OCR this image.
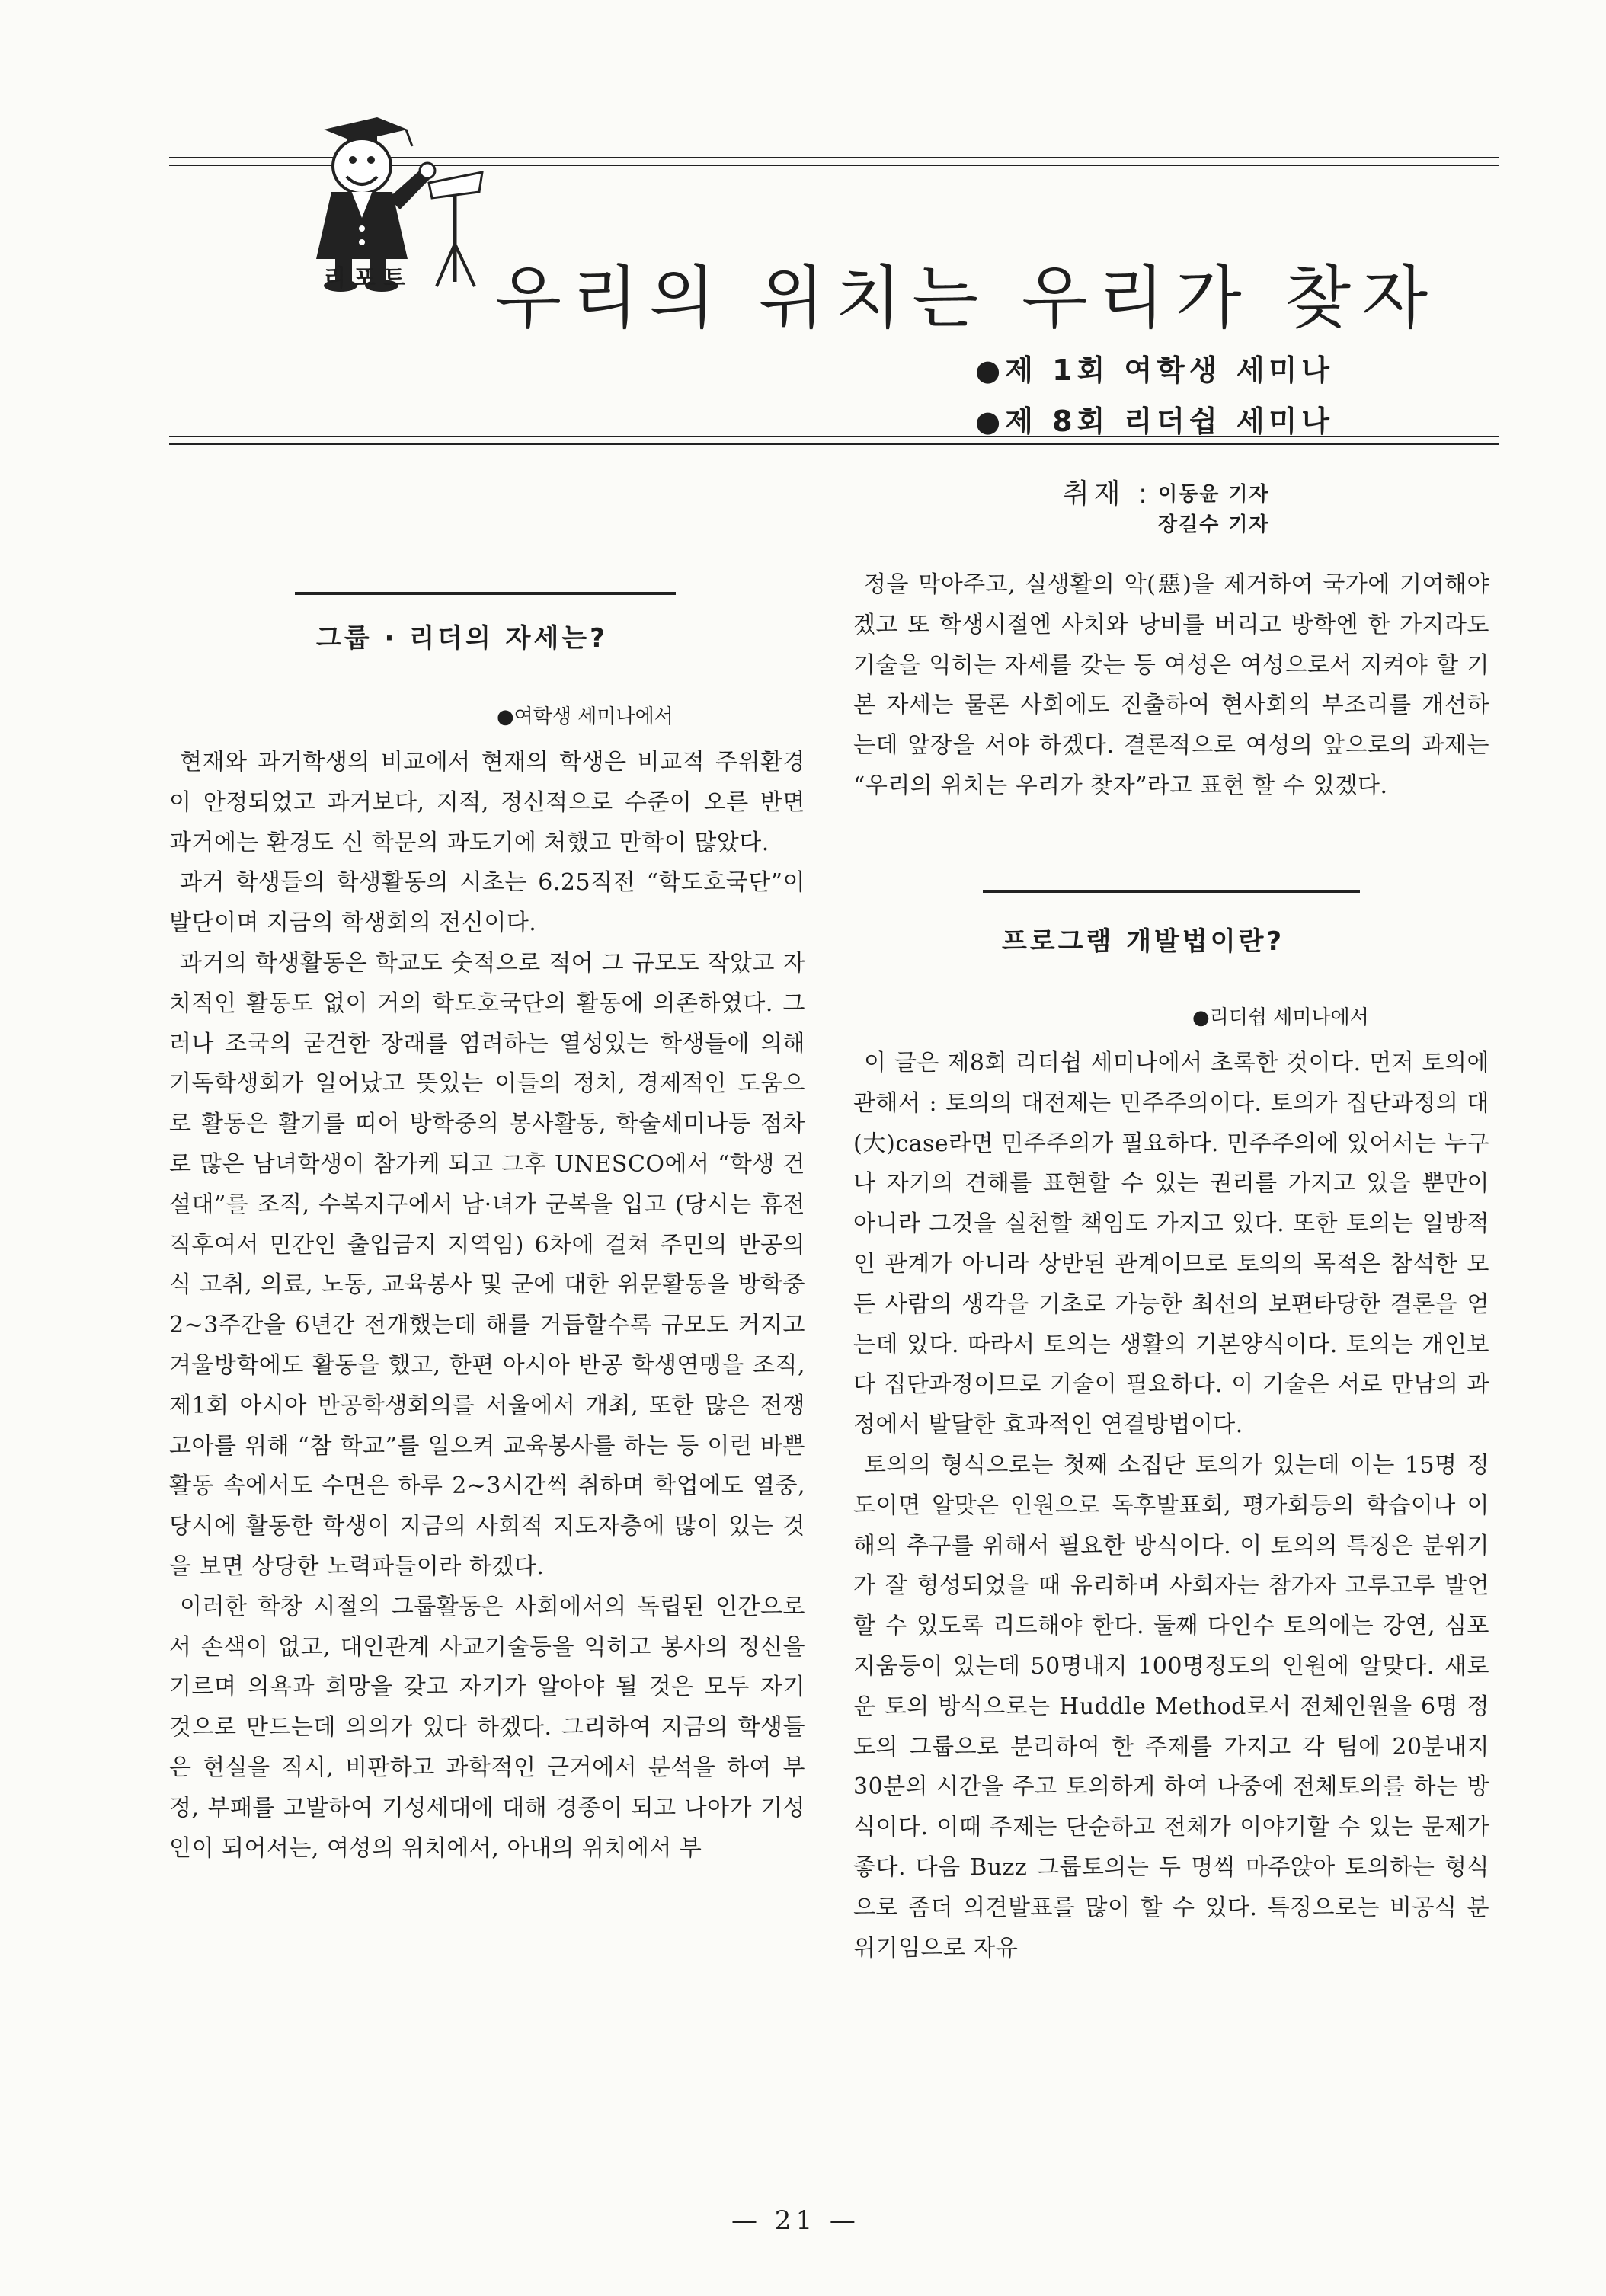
리포트 우리의 위치는 우리가 찾자
●제 1회 여학생 세미나
●제 8회 리더쉽 세미나
취재 : 이동윤 기자
장길수 기자
그룹 · 리더의 자세는?
●여학생 세미나에서

현재와 과거학생의 비교에서 현재의 학생은 비교적 주위환경이 안정되었고 과거보다, 지적, 정신적으로 수준이 오른 반면 과거에는 환경도 신 학문의 과도기에 처했고 만학이 많았다.

과거 학생들의 학생활동의 시초는 6.25직전 “학도호국단”이 발단이며 지금의 학생회의 전신이다.

과거의 학생활동은 학교도 숫적으로 적어 그 규모도 작았고 자치적인 활동도 없이 거의 학도호국단의 활동에 의존하였다. 그러나 조국의 굳건한 장래를 염려하는 열성있는 학생들에 의해 기독학생회가 일어났고 뜻있는 이들의 정치, 경제적인 도움으로 활동은 활기를 띠어 방학중의 봉사활동, 학술세미나등 점차로 많은 남녀학생이 참가케 되고 그후 UNESCO에서 “학생 건설대”를 조직, 수복지구에서 남·녀가 군복을 입고 (당시는 휴전직후여서 민간인 출입금지 지역임) 6차에 걸쳐 주민의 반공의식 고취, 의료, 노동, 교육봉사 및 군에 대한 위문활동을 방학중 2~3주간을 6년간 전개했는데 해를 거듭할수록 규모도 커지고 겨울방학에도 활동을 했고, 한편 아시아 반공 학생연맹을 조직, 제1회 아시아 반공학생회의를 서울에서 개최, 또한 많은 전쟁고아를 위해 “참 학교”를 일으켜 교육봉사를 하는 등 이런 바쁜 활동 속에서도 수면은 하루 2~3시간씩 취하며 학업에도 열중, 당시에 활동한 학생이 지금의 사회적 지도자층에 많이 있는 것을 보면 상당한 노력파들이라 하겠다.

이러한 학창 시절의 그룹활동은 사회에서의 독립된 인간으로서 손색이 없고, 대인관계 사교기술등을 익히고 봉사의 정신을 기르며 의욕과 희망을 갖고 자기가 알아야 될 것은 모두 자기 것으로 만드는데 의의가 있다 하겠다. 그리하여 지금의 학생들은 현실을 직시, 비판하고 과학적인 근거에서 분석을 하여 부정, 부패를 고발하여 기성세대에 대해 경종이 되고 나아가 기성인이 되어서는, 여성의 위치에서, 아내의 위치에서 부

정을 막아주고, 실생활의 악(惡)을 제거하여 국가에 기여해야겠고 또 학생시절엔 사치와 낭비를 버리고 방학엔 한 가지라도 기술을 익히는 자세를 갖는 등 여성은 여성으로서 지켜야 할 기본 자세는 물론 사회에도 진출하여 현사회의 부조리를 개선하는데 앞장을 서야 하겠다. 결론적으로 여성의 앞으로의 과제는 “우리의 위치는 우리가 찾자”라고 표현 할 수 있겠다.

프로그램 개발법이란?
●리더쉽 세미나에서

이 글은 제8회 리더쉽 세미나에서 초록한 것이다. 먼저 토의에 관해서 : 토의의 대전제는 민주주의이다. 토의가 집단과정의 대(大)case라면 민주주의가 필요하다. 민주주의에 있어서는 누구나 자기의 견해를 표현할 수 있는 권리를 가지고 있을 뿐만이 아니라 그것을 실천할 책임도 가지고 있다. 또한 토의는 일방적인 관계가 아니라 상반된 관계이므로 토의의 목적은 참석한 모든 사람의 생각을 기초로 가능한 최선의 보편타당한 결론을 얻는데 있다. 따라서 토의는 생활의 기본양식이다. 토의는 개인보다 집단과정이므로 기술이 필요하다. 이 기술은 서로 만남의 과정에서 발달한 효과적인 연결방법이다.

토의의 형식으로는 첫째 소집단 토의가 있는데 이는 15명 정도이면 알맞은 인원으로 독후발표회, 평가회등의 학습이나 이해의 추구를 위해서 필요한 방식이다. 이 토의의 특징은 분위기가 잘 형성되었을 때 유리하며 사회자는 참가자 고루고루 발언할 수 있도록 리드해야 한다. 둘째 다인수 토의에는 강연, 심포지움등이 있는데 50명내지 100명정도의 인원에 알맞다. 새로운 토의 방식으로는 Huddle Method로서 전체인원을 6명 정도의 그룹으로 분리하여 한 주제를 가지고 각 팀에 20분내지 30분의 시간을 주고 토의하게 하여 나중에 전체토의를 하는 방식이다. 이때 주제는 단순하고 전체가 이야기할 수 있는 문제가 좋다. 다음 Buzz 그룹토의는 두 명씩 마주앉아 토의하는 형식으로 좀더 의견발표를 많이 할 수 있다. 특징으로는 비공식 분위기임으로 자유

— 21 —
